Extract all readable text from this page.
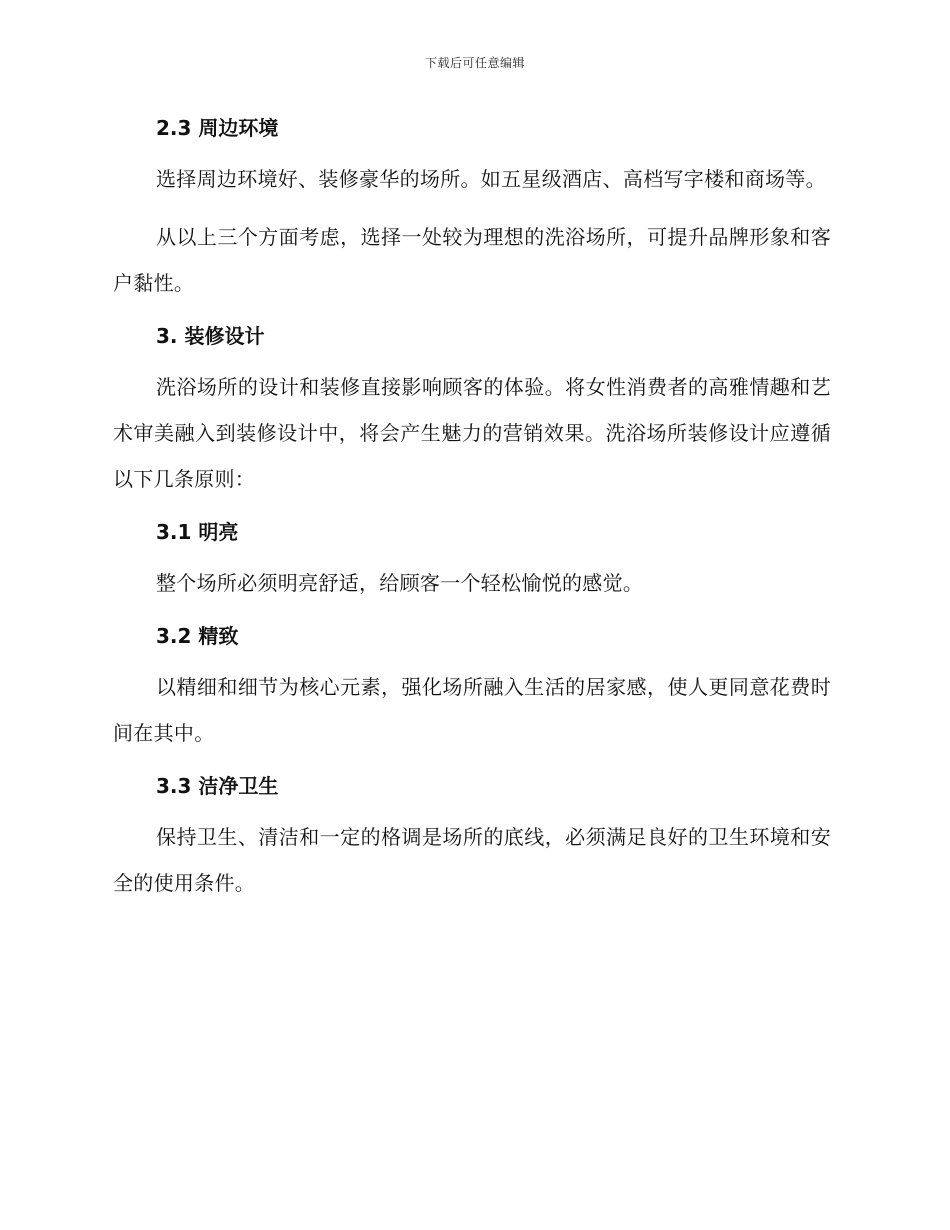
下载后可任意编辑
2.3 周边环境

选择周边环境好、装修豪华的场所。如五星级酒店、高档写字楼和商场等。

从以上三个方面考虑，选择一处较为理想的洗浴场所，可提升品牌形象和客户黏性。

3. 装修设计

洗浴场所的设计和装修直接影响顾客的体验。将女性消费者的高雅情趣和艺术审美融入到装修设计中，将会产生魅力的营销效果。洗浴场所装修设计应遵循以下几条原则：

3.1 明亮

整个场所必须明亮舒适，给顾客一个轻松愉悦的感觉。

3.2 精致

以精细和细节为核心元素，强化场所融入生活的居家感，使人更同意花费时间在其中。

3.3 洁净卫生

保持卫生、清洁和一定的格调是场所的底线，必须满足良好的卫生环境和安全的使用条件。
